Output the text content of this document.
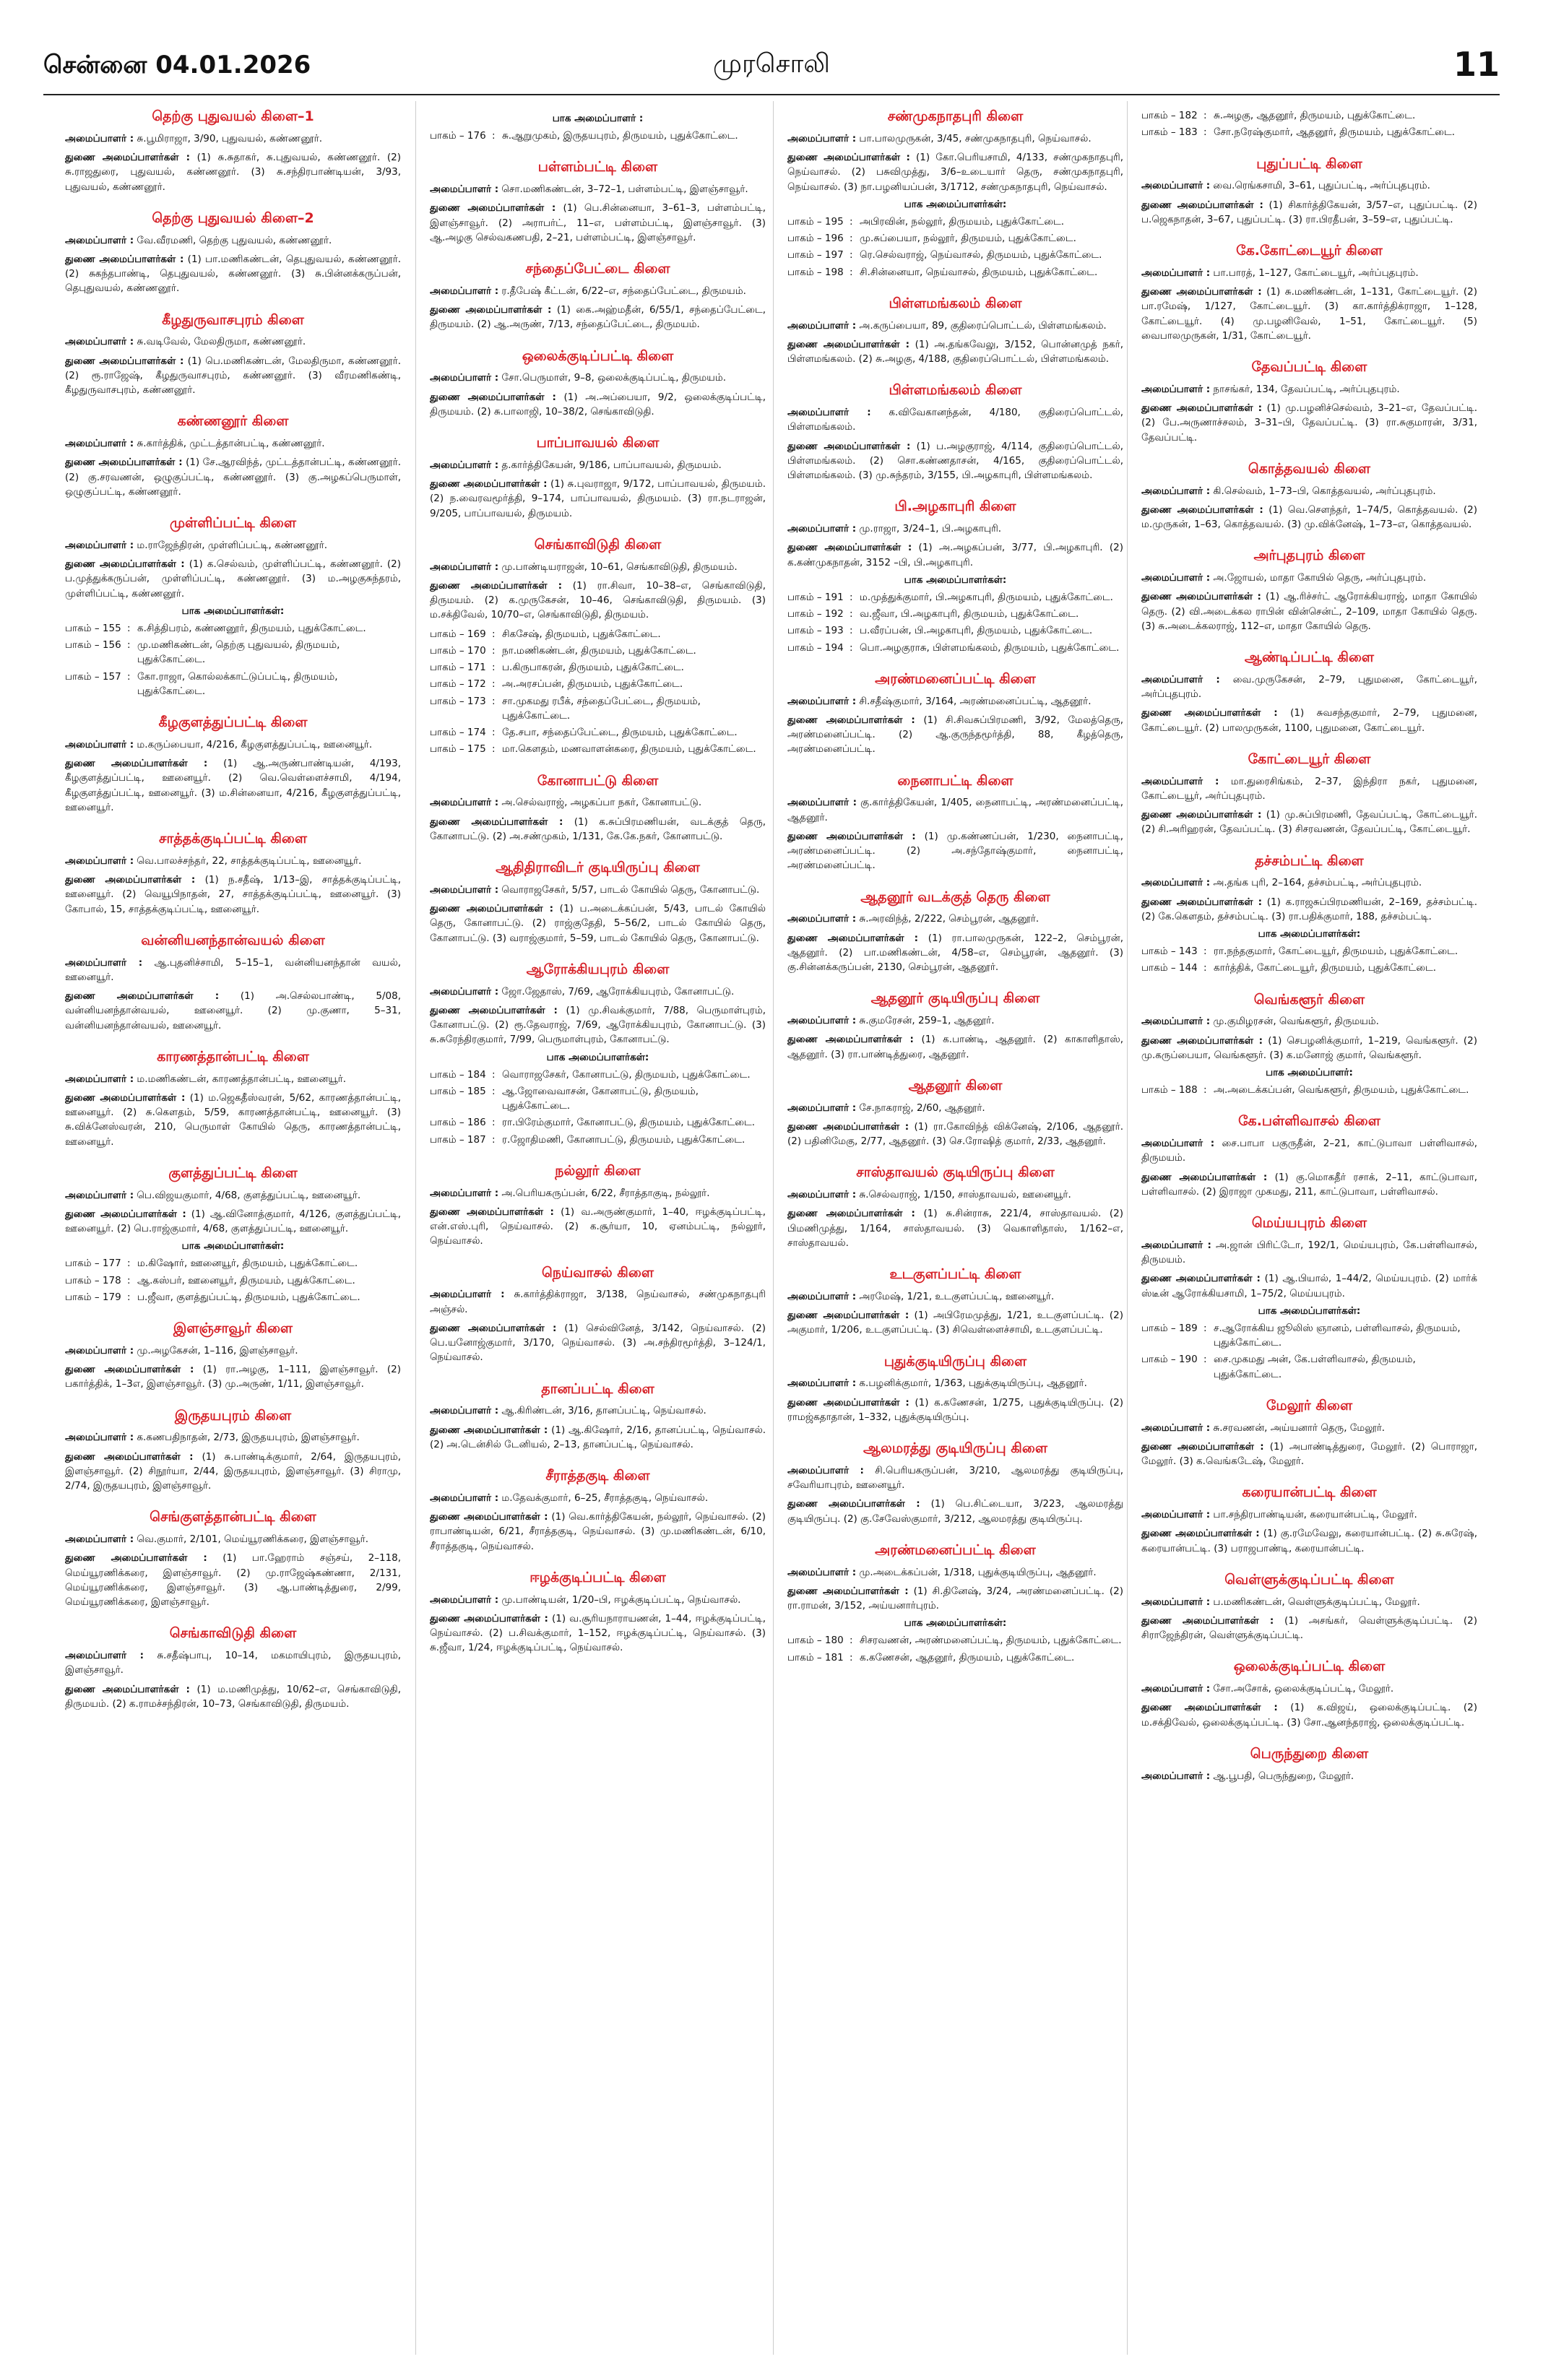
சென்னை 04.01.2026	முரசொலி	11
தெற்கு புதுவயல் கிளை–1
அமைப்பாளர் : சு.பூமிராஜா, 3/90, புதுவயல், கண்ணனூர்.
துணை அமைப்பாளர்கள் : (1) சு.சுதாகர், சு.புதுவயல், கண்ணனூர். (2) சு.ராஜதுரை, புதுவயல், கண்ணனூர். (3) சு.சந்திரபாண்டியன், 3/93, புதுவயல், கண்ணனூர்.
தெற்கு புதுவயல் கிளை–2
அமைப்பாளர் : வே.வீரமணி, தெற்கு புதுவயல், கண்ணனூர்.
துணை அமைப்பாளர்கள் : (1) பா.மணிகண்டன், தெபுதுவயல், கண்ணனூர். (2) சுகந்தபாண்டி, தெபுதுவயல், கண்ணனூர். (3) சு.பின்னக்கருப்பன், தெபுதுவயல், கண்ணனூர்.
கீழதுருவாசபுரம் கிளை
அமைப்பாளர் : சு.வடிவேல், மேலதிருமா, கண்ணனூர்.
துணை அமைப்பாளர்கள் : (1) பெ.மணிகண்டன், மேலதிருமா, கண்ணனூர். (2) ரூ.ராஜேஷ், கீழதுருவாசபுரம், கண்ணனூர். (3) வீரமணிகண்டி, கீழதுருவாசபுரம், கண்ணனூர்.
கண்ணனூர் கிளை
அமைப்பாளர் : சு.கார்த்திக், முட்டத்தான்பட்டி, கண்ணனூர்.
துணை அமைப்பாளர்கள் : (1) சே.ஆரவிந்த், முட்டத்தான்பட்டி, கண்ணனூர். (2) கு.சரவணன், ஒழுகுப்பட்டி, கண்ணனூர். (3) கு.அழகப்பெருமாள், ஒழுகுப்பட்டி, கண்ணனூர்.
முள்ளிப்பட்டி கிளை
அமைப்பாளர் : ம.ராஜேந்திரன், முள்ளிப்பட்டி, கண்ணனூர்.
துணை அமைப்பாளர்கள் : (1) க.செல்வம், முள்ளிப்பட்டி, கண்ணனூர். (2) ப.முத்துக்கருப்பன், முள்ளிப்பட்டி, கண்ணனூர். (3) ம.அழகுசுந்தரம், முள்ளிப்பட்டி, கண்ணனூர்.
பாக அமைப்பாளர்கள்:
பாகம் – 155 : க.சித்திபரம், கண்ணனூர், திருமயம், புதுக்கோட்டை.
பாகம் – 156 : மு.மணிகண்டன், தெற்கு புதுவயல், திருமயம், புதுக்கோட்டை.
பாகம் – 157 : கோ.ராஜா, கொல்லக்காட்டுப்பட்டி, திருமயம், புதுக்கோட்டை.
கீழகுளத்துப்பட்டி கிளை
அமைப்பாளர் : ம.கருப்பையா, 4/216, கீழகுளத்துப்பட்டி, ஊனையூர்.
துணை அமைப்பாளர்கள் : (1) ஆ.அருண்பாண்டியன், 4/193, கீழகுளத்துப்பட்டி, ஊனையூர். (2) வெ.வெள்ளைச்சாமி, 4/194, கீழகுளத்துப்பட்டி, ஊனையூர். (3) ம.சின்னையா, 4/216, கீழகுளத்துப்பட்டி, ஊனையூர்.
சாத்தக்குடிப்பட்டி கிளை
அமைப்பாளர் : வெ.பாலச்சந்தர், 22, சாத்தக்குடிப்பட்டி, ஊனையூர்.
துணை அமைப்பாளர்கள் : (1) ந.சதீஷ், 1/13–இ, சாத்தக்குடிப்பட்டி, ஊனையூர். (2) வெயூபிநாதன், 27, சாத்தக்குடிப்பட்டி, ஊனையூர். (3) கோபால், 15, சாத்தக்குடிப்பட்டி, ஊனையூர்.
வன்னியனந்தான்வயல் கிளை
அமைப்பாளர் : ஆ.புதனிச்சாமி, 5–15–1, வன்னியனந்தான் வயல், ஊனையூர்.
துணை அமைப்பாளர்கள் : (1) அ.செல்லபாண்டி, 5/08, வன்னியனந்தான்வயல், ஊனையூர். (2) மு.குணா, 5–31, வன்னியனந்தான்வயல், ஊனையூர்.
காரணத்தான்பட்டி கிளை
அமைப்பாளர் : ம.மணிகண்டன், காரணத்தான்பட்டி, ஊனையூர்.
துணை அமைப்பாளர்கள் : (1) ம.ஜெகதீஸ்வரன், 5/62, காரணத்தான்பட்டி, ஊனையூர். (2) சு.கௌதம், 5/59, காரணத்தான்பட்டி, ஊனையூர். (3) சு.விக்னேஸ்வரன், 210, பெருமாள் கோயில் தெரு, காரணத்தான்பட்டி, ஊனையூர்.
குளத்துப்பட்டி கிளை
அமைப்பாளர் : பெ.விஜயகுமார், 4/68, குளத்துப்பட்டி, ஊனையூர்.
துணை அமைப்பாளர்கள் : (1) ஆ.வினோத்குமார், 4/126, குளத்துப்பட்டி, ஊனையூர். (2) பெ.ராஜ்குமார், 4/68, குளத்துப்பட்டி, ஊனையூர்.
பாக அமைப்பாளர்கள்:
பாகம் – 177 : ம.கிஷோர், ஊனையூர், திருமயம், புதுக்கோட்டை.
பாகம் – 178 : ஆ.கஸ்பர், ஊனையூர், திருமயம், புதுக்கோட்டை.
பாகம் – 179 : ப.ஜீவா, குளத்துப்பட்டி, திருமயம், புதுக்கோட்டை.
இளஞ்சாவூர் கிளை
அமைப்பாளர் : மு.அழகேசன், 1–116, இளஞ்சாவூர்.
துணை அமைப்பாளர்கள் : (1) ரா.அழகு, 1–111, இளஞ்சாவூர். (2) பகார்த்திக், 1–3எ, இளஞ்சாவூர். (3) மு.அருண், 1/11, இளஞ்சாவூர்.
இருதயபுரம் கிளை
அமைப்பாளர் : க.கணபதிநாதன், 2/73, இருதயபுரம், இளஞ்சாவூர்.
துணை அமைப்பாளர்கள் : (1) சு.பாண்டிக்குமார், 2/64, இருதயபுரம், இளஞ்சாவூர். (2) சிநூர்யா, 2/44, இருதயபுரம், இளஞ்சாவூர். (3) சிராமு, 2/74, இருதயபுரம், இளஞ்சாவூர்.
செங்குளத்தான்பட்டி கிளை
அமைப்பாளர் : வெ.குமார், 2/101, மெய்யூரணிக்கரை, இளஞ்சாவூர்.
துணை அமைப்பாளர்கள் : (1) பா.ஹேராம் சஞ்சய், 2–118, மெய்யூரணிக்கரை, இளஞ்சாவூர். (2) மு.ராஜேஷ்கண்ணா, 2/131, மெய்யூரணிக்கரை, இளஞ்சாவூர். (3) ஆ.பாண்டித்துரை, 2/99, மெய்யூரணிக்கரை, இளஞ்சாவூர்.
செங்காவிடுதி கிளை
அமைப்பாளர் : சு.சதீஷ்பாபு, 10–14, மகமாயிபுரம், இருதயபுரம், இளஞ்சாவூர்.
துணை அமைப்பாளர்கள் : (1) ம.மணிமுத்து, 10/62–எ, செங்காவிடுதி, திருமயம். (2) க.ராமச்சந்திரன், 10–73, செங்காவிடுதி, திருமயம்.
பாக அமைப்பாளர் :
பாகம் – 176 : சு.ஆறுமுகம், இருதயபுரம், திருமயம், புதுக்கோட்டை.
பள்ளம்பட்டி கிளை
அமைப்பாளர் : சொ.மணிகண்டன், 3–72–1, பள்ளம்பட்டி, இளஞ்சாவூர்.
துணை அமைப்பாளர்கள் : (1) பெ.சின்னையா, 3–61–3, பள்ளம்பட்டி, இளஞ்சாவூர். (2) அராபர்ட், 11–எ, பள்ளம்பட்டி, இளஞ்சாவூர். (3) ஆ.அழகு செல்வகணபதி, 2–21, பள்ளம்பட்டி, இளஞ்சாவூர்.
சந்தைப்பேட்டை கிளை
அமைப்பாளர் : ர.தீபேஷ் கீட்டன், 6/22–எ, சந்தைப்பேட்டை, திருமயம்.
துணை அமைப்பாளர்கள் : (1) கை.அஹ்மதீன், 6/55/1, சந்தைப்பேட்டை, திருமயம். (2) ஆ.அருண், 7/13, சந்தைப்பேட்டை, திருமயம்.
ஒலைக்குடிப்பட்டி கிளை
அமைப்பாளர் : சோ.பெருமாள், 9–8, ஒலைக்குடிப்பட்டி, திருமயம்.
துணை அமைப்பாளர்கள் : (1) அ.அப்பையா, 9/2, ஒலைக்குடிப்பட்டி, திருமயம். (2) சு.பாலாஜி, 10–38/2, செங்காவிடுதி.
பாப்பாவயல் கிளை
அமைப்பாளர் : த.கார்த்திகேயன், 9/186, பாப்பாவயல், திருமயம்.
துணை அமைப்பாளர்கள் : (1) சு.புவராஜா, 9/172, பாப்பாவயல், திருமயம். (2) ந.வைரவமூர்த்தி, 9–174, பாப்பாவயல், திருமயம். (3) ரா.நடராஜன், 9/205, பாப்பாவயல், திருமயம்.
செங்காவிடுதி கிளை
அமைப்பாளர் : மு.பாண்டியராஜன், 10–61, செங்காவிடுதி, திருமயம்.
துணை அமைப்பாளர்கள் : (1) ரா.சிவா, 10–38–எ, செங்காவிடுதி, திருமயம். (2) க.முருகேசன், 10–46, செங்காவிடுதி, திருமயம். (3) ம.சக்திவேல், 10/70–எ, செங்காவிடுதி, திருமயம்.
பாகம் – 169 : சிகசேஷ், திருமயம், புதுக்கோட்டை.
பாகம் – 170 : நா.மணிகண்டன், திருமயம், புதுக்கோட்டை.
பாகம் – 171 : ப.கிருபாகரன், திருமயம், புதுக்கோட்டை.
பாகம் – 172 : அ.அரசப்பன், திருமயம், புதுக்கோட்டை.
பாகம் – 173 : சா.முகமது ரபீக், சந்தைப்பேட்டை, திருமயம், புதுக்கோட்டை.
பாகம் – 174 : தே.சபா, சந்தைப்பேட்டை, திருமயம், புதுக்கோட்டை.
பாகம் – 175 : மா.கௌதம், மணவாளன்கரை, திருமயம், புதுக்கோட்டை.
கோனாபட்டு கிளை
அமைப்பாளர் : அ.செல்வராஜ், அழகப்பா நகர், கோனாபட்டு.
துணை அமைப்பாளர்கள் : (1) க.சுப்பிரமணியன், வடக்குத் தெரு, கோனாபட்டு. (2) அ.சண்முகம், 1/131, கே.கே.நகர், கோனாபட்டு.
ஆதிதிராவிடர் குடியிருப்பு கிளை
அமைப்பாளர் : வொராஜசேகர், 5/57, பாடல் கோயில் தெரு, கோனாபட்டு.
துணை அமைப்பாளர்கள் : (1) ப.அடைக்கப்பன், 5/43, பாடல் கோயில் தெரு, கோனாபட்டு. (2) ராஜ்குதேதி, 5–56/2, பாடல் கோயில் தெரு, கோனாபட்டு. (3) வராஜ்குமார், 5–59, பாடல் கோயில் தெரு, கோனாபட்டு.
ஆரோக்கியபுரம் கிளை
அமைப்பாளர் : ஜோ.ஜேதாஸ், 7/69, ஆரோக்கியபுரம், கோனாபட்டு.
துணை அமைப்பாளர்கள் : (1) மு.சிவக்குமார், 7/88, பெருமாள்புரம், கோனாபட்டு. (2) ரூ.தேவராஜ், 7/69, ஆரோக்கியபுரம், கோனாபட்டு. (3) சு.சுரேந்திரகுமார், 7/99, பெருமாள்புரம், கோனாபட்டு.
பாக அமைப்பாளர்கள்:
பாகம் – 184 : வொராஜசேகர், கோனாபட்டு, திருமயம், புதுக்கோட்டை.
பாகம் – 185 : ஆ.ஜோவைவாசன், கோனாபட்டு, திருமயம், புதுக்கோட்டை.
பாகம் – 186 : ரா.பிரேம்குமார், கோனாபட்டு, திருமயம், புதுக்கோட்டை.
பாகம் – 187 : ர.ஜோதிமணி, கோனாபட்டு, திருமயம், புதுக்கோட்டை.
நல்லூர் கிளை
அமைப்பாளர் : அ.பெரியகருப்பன், 6/22, சீராத்தாகுடி, நல்லூர்.
துணை அமைப்பாளர்கள் : (1) வ.அருண்குமார், 1–40, ஈழக்குடிப்பட்டி, என்.எஸ்.புரி, நெய்வாசல். (2) க.சூர்யா, 10, ஏனம்பட்டி, நல்லூர், நெய்வாசல்.
நெய்வாசல் கிளை
அமைப்பாளர் : சு.கார்த்திக்ராஜா, 3/138, நெய்வாசல், சண்முகநாதபுரி அஞ்சல்.
துணை அமைப்பாளர்கள் : (1) செல்வினேத், 3/142, நெய்வாசல். (2) பெ.யனோஜ்குமார், 3/170, நெய்வாசல். (3) அ.சந்திரமூர்த்தி, 3–124/1, நெய்வாசல்.
தானப்பட்டி கிளை
அமைப்பாளர் : ஆ.கிரிண்டன், 3/16, தானப்பட்டி, நெய்வாசல்.
துணை அமைப்பாளர்கள் : (1) ஆ.கிஷோர், 2/16, தானப்பட்டி, நெய்வாசல். (2) அ.டென்சில் டேனியல், 2–13, தானப்பட்டி, நெய்வாசல்.
சீராத்தகுடி கிளை
அமைப்பாளர் : ம.தேவக்குமார், 6–25, சீராத்தகுடி, நெய்வாசல்.
துணை அமைப்பாளர்கள் : (1) வெ.கார்த்திகேயன், நல்லூர், நெய்வாசல். (2) ராபாண்டியன், 6/21, சீராத்தகுடி, நெய்வாசல். (3) மு.மணிகண்டன், 6/10, சீராத்தகுடி, நெய்வாசல்.
ஈழக்குடிப்பட்டி கிளை
அமைப்பாளர் : மு.பாண்டியன், 1/20–பி, ஈழக்குடிப்பட்டி, நெய்வாசல்.
துணை அமைப்பாளர்கள் : (1) வ.சூரியநாராயணன், 1–44, ஈழக்குடிப்பட்டி, நெய்வாசல். (2) ப.சிவக்குமார், 1–152, ஈழக்குடிப்பட்டி, நெய்வாசல். (3) சு.ஜீவா, 1/24, ஈழக்குடிப்பட்டி, நெய்வாசல்.
சண்முகநாதபுரி கிளை
அமைப்பாளர் : பா.பாலமுருகன், 3/45, சண்முகநாதபுரி, நெய்வாசல்.
துணை அமைப்பாளர்கள் : (1) கோ.பெரியசாமி, 4/133, சண்முகநாதபுரி, நெய்வாசல். (2) பசுவிமுத்து, 3/6–உடையார் தெரு, சண்முகநாதபுரி, நெய்வாசல். (3) நா.பழனியப்பன், 3/1712, சண்முகநாதபுரி, நெய்வாசல்.
பாக அமைப்பாளர்கள்:
பாகம் – 195 : அபிரவின், நல்லூர், திருமயம், புதுக்கோட்டை.
பாகம் – 196 : மு.சுப்பையா, நல்லூர், திருமயம், புதுக்கோட்டை.
பாகம் – 197 : ரெ.செல்வராஜ், நெய்வாசல், திருமயம், புதுக்கோட்டை.
பாகம் – 198 : சி.சின்னையா, நெய்வாசல், திருமயம், புதுக்கோட்டை.
பிள்ளமங்கலம் கிளை
அமைப்பாளர் : அ.கருப்பையா, 89, குதிரைப்பொட்டல், பிள்ளமங்கலம்.
துணை அமைப்பாளர்கள் : (1) அ.தங்கவேலு, 3/152, பொன்னமுத் நகர், பிள்ளமங்கலம். (2) சு.அழகு, 4/188, குதிரைப்பொட்டல், பிள்ளமங்கலம்.
பிள்ளமங்கலம் கிளை
அமைப்பாளர் : க.விவேகானந்தன், 4/180, குதிரைப்பொட்டல், பிள்ளமங்கலம்.
துணை அமைப்பாளர்கள் : (1) ப.அழகுராஜ், 4/114, குதிரைப்பொட்டல், பிள்ளமங்கலம். (2) சொ.கண்ணதாசன், 4/165, குதிரைப்பொட்டல், பிள்ளமங்கலம். (3) மு.சுந்தரம், 3/155, பி.அழகாபுரி, பிள்ளமங்கலம்.
பி.அழகாபுரி கிளை
அமைப்பாளர் : மு.ராஜா, 3/24–1, பி.அழகாபுரி.
துணை அமைப்பாளர்கள் : (1) அ.அழகப்பன், 3/77, பி.அழகாபுரி. (2) க.கண்முகநாதன், 3152 –பி, பி.அழகாபுரி.
பாக அமைப்பாளர்கள்:
பாகம் – 191 : ம.முத்துக்குமார், பி.அழகாபுரி, திருமயம், புதுக்கோட்டை.
பாகம் – 192 : வ.ஜீவா, பி.அழகாபுரி, திருமயம், புதுக்கோட்டை.
பாகம் – 193 : ப.வீரப்பன், பி.அழகாபுரி, திருமயம், புதுக்கோட்டை.
பாகம் – 194 : பொ.அழகுராசு, பிள்ளமங்கலம், திருமயம், புதுக்கோட்டை.
அரண்மனைப்பட்டி கிளை
அமைப்பாளர் : சி.சதீஷ்குமார், 3/164, அரண்மனைப்பட்டி, ஆதனூர்.
துணை அமைப்பாளர்கள் : (1) சி.சிவசுப்பிரமணி, 3/92, மேலத்தெரு, அரண்மனைப்பட்டி. (2) ஆ.குருந்தமூர்த்தி, 88, கீழத்தெரு, அரண்மனைப்பட்டி.
நைனாபட்டி கிளை
அமைப்பாளர் : கு.கார்த்திகேயன், 1/405, நைனாபட்டி, அரண்மனைப்பட்டி, ஆதனூர்.
துணை அமைப்பாளர்கள் : (1) மு.கண்ணப்பன், 1/230, நைனாபட்டி, அரண்மனைப்பட்டி. (2) அ.சந்தோஷ்குமார், நைனாபட்டி, அரண்மனைப்பட்டி.
ஆதனூர் வடக்குத் தெரு கிளை
அமைப்பாளர் : சு.அரவிந்த், 2/222, செம்பூரன், ஆதனூர்.
துணை அமைப்பாளர்கள் : (1) ரா.பாலமுருகன், 122–2, செம்பூரன், ஆதனூர். (2) பா.மணிகண்டன், 4/58–எ, செம்பூரன், ஆதனூர். (3) கு.சின்னக்கருப்பன், 2130, செம்பூரன், ஆதனூர்.
ஆதனூர் குடியிருப்பு கிளை
அமைப்பாளர் : சு.குமரேசன், 259–1, ஆதனூர்.
துணை அமைப்பாளர்கள் : (1) க.பாண்டி, ஆதனூர். (2) காகாளிதாஸ், ஆதனூர். (3) ரா.பாண்டித்துரை, ஆதனூர்.
ஆதனூர் கிளை
அமைப்பாளர் : சே.நாகராஜ், 2/60, ஆதனூர்.
துணை அமைப்பாளர்கள் : (1) ரா.கோவிந்த் விக்னேஷ், 2/106, ஆதனூர். (2) பதினிமேகு, 2/77, ஆதனூர். (3) செ.ரோஷித் குமார், 2/33, ஆதனூர்.
சாஸ்தாவயல் குடியிருப்பு கிளை
அமைப்பாளர் : சு.செல்வராஜ், 1/150, சாஸ்தாவயல், ஊனையூர்.
துணை அமைப்பாளர்கள் : (1) சு.சின்ராசு, 221/4, சாஸ்தாவயல். (2) பிமணிமுத்து, 1/164, சாஸ்தாவயல். (3) வெகாளிதாஸ், 1/162–எ, சாஸ்தாவயல்.
உடகுளப்பட்டி கிளை
அமைப்பாளர் : அரமேஷ், 1/21, உடகுளப்பட்டி, ஊனையூர்.
துணை அமைப்பாளர்கள் : (1) அபிரேமமுத்து, 1/21, உடகுளப்பட்டி. (2) அகுமார், 1/206, உடகுளப்பட்டி. (3) சிவெள்ளைச்சாமி, உடகுளப்பட்டி.
புதுக்குடியிருப்பு கிளை
அமைப்பாளர் : க.பழனிக்குமார், 1/363, புதுக்குடியிருப்பு, ஆதனூர்.
துணை அமைப்பாளர்கள் : (1) க.கணேசன், 1/275, புதுக்குடியிருப்பு. (2) ராமஜ்கதாதான், 1–332, புதுக்குடியிருப்பு.
ஆலமரத்து குடியிருப்பு கிளை
அமைப்பாளர் : சி.பெரியகருப்பன், 3/210, ஆலமரத்து குடியிருப்பு, சவேரியாபுரம், ஊனையூர்.
துணை அமைப்பாளர்கள் : (1) பெ.சிட்டையா, 3/223, ஆலமரத்து குடியிருப்பு. (2) கு.சேவேஸ்குமார், 3/212, ஆலமரத்து குடியிருப்பு.
அரண்மனைப்பட்டி கிளை
அமைப்பாளர் : மு.அடைக்கப்பன், 1/318, புதுக்குடியிருப்பு, ஆதனூர்.
துணை அமைப்பாளர்கள் : (1) சி.தினேஷ், 3/24, அரண்மனைப்பட்டி. (2) ரா.ராமன், 3/152, அய்யனார்புரம்.
பாக அமைப்பாளர்கள்:
பாகம் – 180 : சிசரவணன், அரண்மனைப்பட்டி, திருமயம், புதுக்கோட்டை.
பாகம் – 181 : க.கணேசன், ஆதனூர், திருமயம், புதுக்கோட்டை.
பாகம் – 182 : சு.அழகு, ஆதனூர், திருமயம், புதுக்கோட்டை.
பாகம் – 183 : சோ.நரேஷ்குமார், ஆதனூர், திருமயம், புதுக்கோட்டை.
புதுப்பட்டி கிளை
அமைப்பாளர் : வை.ரெங்கசாமி, 3–61, புதுப்பட்டி, அர்ப்புதபுரம்.
துணை அமைப்பாளர்கள் : (1) சிகார்த்திகேயன், 3/57–எ, புதுப்பட்டி. (2) ப.ஜெகநாதன், 3–67, புதுப்பட்டி. (3) ரா.பிரதீபன், 3–59–எ, புதுப்பட்டி.
கே.கோட்டையூர் கிளை
அமைப்பாளர் : பா.பாரத், 1–127, கோட்டையூர், அர்ப்புதபுரம்.
துணை அமைப்பாளர்கள் : (1) சு.மணிகண்டன், 1–131, கோட்டையூர். (2) பா.ரமேஷ், 1/127, கோட்டையூர். (3) கா.கார்த்திக்ராஜா, 1–128, கோட்டையூர். (4) மு.பழனிவேல், 1–51, கோட்டையூர். (5) வைபாலமுருகன், 1/31, கோட்டையூர்.
தேவப்பட்டி கிளை
அமைப்பாளர் : நாசங்கர், 134, தேவப்பட்டி, அர்ப்புதபுரம்.
துணை அமைப்பாளர்கள் : (1) மு.பழனிச்செல்வம், 3–21–எ, தேவப்பட்டி. (2) பே.அருணாச்சலம், 3–31–பி, தேவப்பட்டி. (3) ரா.சுகுமாரன், 3/31, தேவப்பட்டி.
கொத்தவயல் கிளை
அமைப்பாளர் : கி.செல்வம், 1–73–பி, கொத்தவயல், அர்ப்புதபுரம்.
துணை அமைப்பாளர்கள் : (1) வெ.சௌந்தர், 1–74/5, கொத்தவயல். (2) ம.முருகன், 1–63, கொத்தவயல். (3) மு.விக்னேஷ், 1–73–எ, கொத்தவயல்.
அர்புதபுரம் கிளை
அமைப்பாளர் : அ.ஜோயல், மாதா கோயில் தெரு, அர்ப்புதபுரம்.
துணை அமைப்பாளர்கள் : (1) ஆ.ரிச்சர்ட் ஆரோக்கியராஜ், மாதா கோயில் தெரு. (2) வி.அடைக்கல ராபின் வின்சென்ட், 2–109, மாதா கோயில் தெரு. (3) சு.அடைக்கலராஜ், 112–எ, மாதா கோயில் தெரு.
ஆண்டிப்பட்டி கிளை
அமைப்பாளர் : வை.முருகேசன், 2–79, புதுமனை, கோட்டையூர், அர்ப்புதபுரம்.
துணை அமைப்பாளர்கள் : (1) சுவசந்தகுமார், 2–79, புதுமனை, கோட்டையூர். (2) பாலமுருகன், 1100, புதுமனை, கோட்டையூர்.
கோட்டையூர் கிளை
அமைப்பாளர் : மா.துரைசிங்கம், 2–37, இந்திரா நகர், புதுமனை, கோட்டையூர், அர்ப்புதபுரம்.
துணை அமைப்பாளர்கள் : (1) மு.சுப்பிரமணி, தேவப்பட்டி, கோட்டையூர். (2) சி.அரிஹரன், தேவப்பட்டி. (3) சிசரவணன், தேவப்பட்டி, கோட்டையூர்.
தச்சம்பட்டி கிளை
அமைப்பாளர் : அ.தங்க புரி, 2–164, தச்சம்பட்டி, அர்ப்புதபுரம்.
துணை அமைப்பாளர்கள் : (1) க.ராஜசுப்பிரமணியன், 2–169, தச்சம்பட்டி. (2) கே.கௌதம், தச்சம்பட்டி. (3) ரா.பதிக்குமார், 188, தச்சம்பட்டி.
பாக அமைப்பாளர்கள்:
பாகம் – 143 : ரா.நந்தகுமார், கோட்டையூர், திருமயம், புதுக்கோட்டை.
பாகம் – 144 : கார்த்திக், கோட்டையூர், திருமயம், புதுக்கோட்டை.
வெங்களூர் கிளை
அமைப்பாளர் : மு.குமிழரசன், வெங்களூர், திருமயம்.
துணை அமைப்பாளர்கள் : (1) செபழனிக்குமார், 1–219, வெங்களூர். (2) மு.கருப்பையா, வெங்களூர். (3) க.மனோஜ் குமார், வெங்களூர்.
பாக அமைப்பாளர்:
பாகம் – 188 : அ.அடைக்கப்பன், வெங்களூர், திருமயம், புதுக்கோட்டை.
கே.பள்ளிவாசல் கிளை
அமைப்பாளர் : சை.பாபா பகுருதீன், 2–21, காட்டுபாவா பள்ளிவாசல், திருமயம்.
துணை அமைப்பாளர்கள் : (1) கு.மொகதீர் ரசாக், 2–11, காட்டுபாவா, பள்ளிவாசல். (2) இராஜா முகமது, 211, காட்டுபாவா, பள்ளிவாசல்.
மெய்யபுரம் கிளை
அமைப்பாளர் : அ.ஜான் பிரிட்டோ, 192/1, மெய்யபுரம், கே.பள்ளிவாசல், திருமயம்.
துணை அமைப்பாளர்கள் : (1) ஆ.பியால், 1–44/2, மெய்யபுரம். (2) மார்க் ஸ்டீன் ஆரோக்கியசாமி, 1–75/2, மெய்யபுரம்.
பாக அமைப்பாளர்கள்:
பாகம் – 189 : ச.ஆரோக்கிய ஜூலிஸ் ஞானம், பள்ளிவாசல், திருமயம், புதுக்கோட்டை.
பாகம் – 190 : சை.முகமது அன், கே.பள்ளிவாசல், திருமயம், புதுக்கோட்டை.
மேலூர் கிளை
அமைப்பாளர் : சு.சரவணன், அய்யனார் தெரு, மேலூர்.
துணை அமைப்பாளர்கள் : (1) அபாண்டித்துரை, மேலூர். (2) பொராஜா, மேலூர். (3) க.வெங்கடேஷ், மேலூர்.
கரையான்பட்டி கிளை
அமைப்பாளர் : பா.சந்திரபாண்டியன், கரையான்பட்டி, மேலூர்.
துணை அமைப்பாளர்கள் : (1) கு.ரமேவேலு, கரையான்பட்டி. (2) சு.சுரேஷ், கரையான்பட்டி. (3) பராஜபாண்டி, கரையான்பட்டி.
வெள்ளுக்குடிப்பட்டி கிளை
அமைப்பாளர் : ப.மணிகண்டன், வெள்ளுக்குடிப்பட்டி, மேலூர்.
துணை அமைப்பாளர்கள் : (1) அசங்கர், வெள்ளுக்குடிப்பட்டி. (2) சிராஜேந்திரன், வெள்ளுக்குடிப்பட்டி.
ஒலைக்குடிப்பட்டி கிளை
அமைப்பாளர் : சோ.அசோக், ஒலைக்குடிப்பட்டி, மேலூர்.
துணை அமைப்பாளர்கள் : (1) க.விஜய், ஒலைக்குடிப்பட்டி. (2) ம.சக்திவேல், ஒலைக்குடிப்பட்டி. (3) சோ.ஆனந்தராஜ், ஒலைக்குடிப்பட்டி.
பெருந்துறை கிளை
அமைப்பாளர் : ஆ.பூபதி, பெருந்துறை, மேலூர்.
